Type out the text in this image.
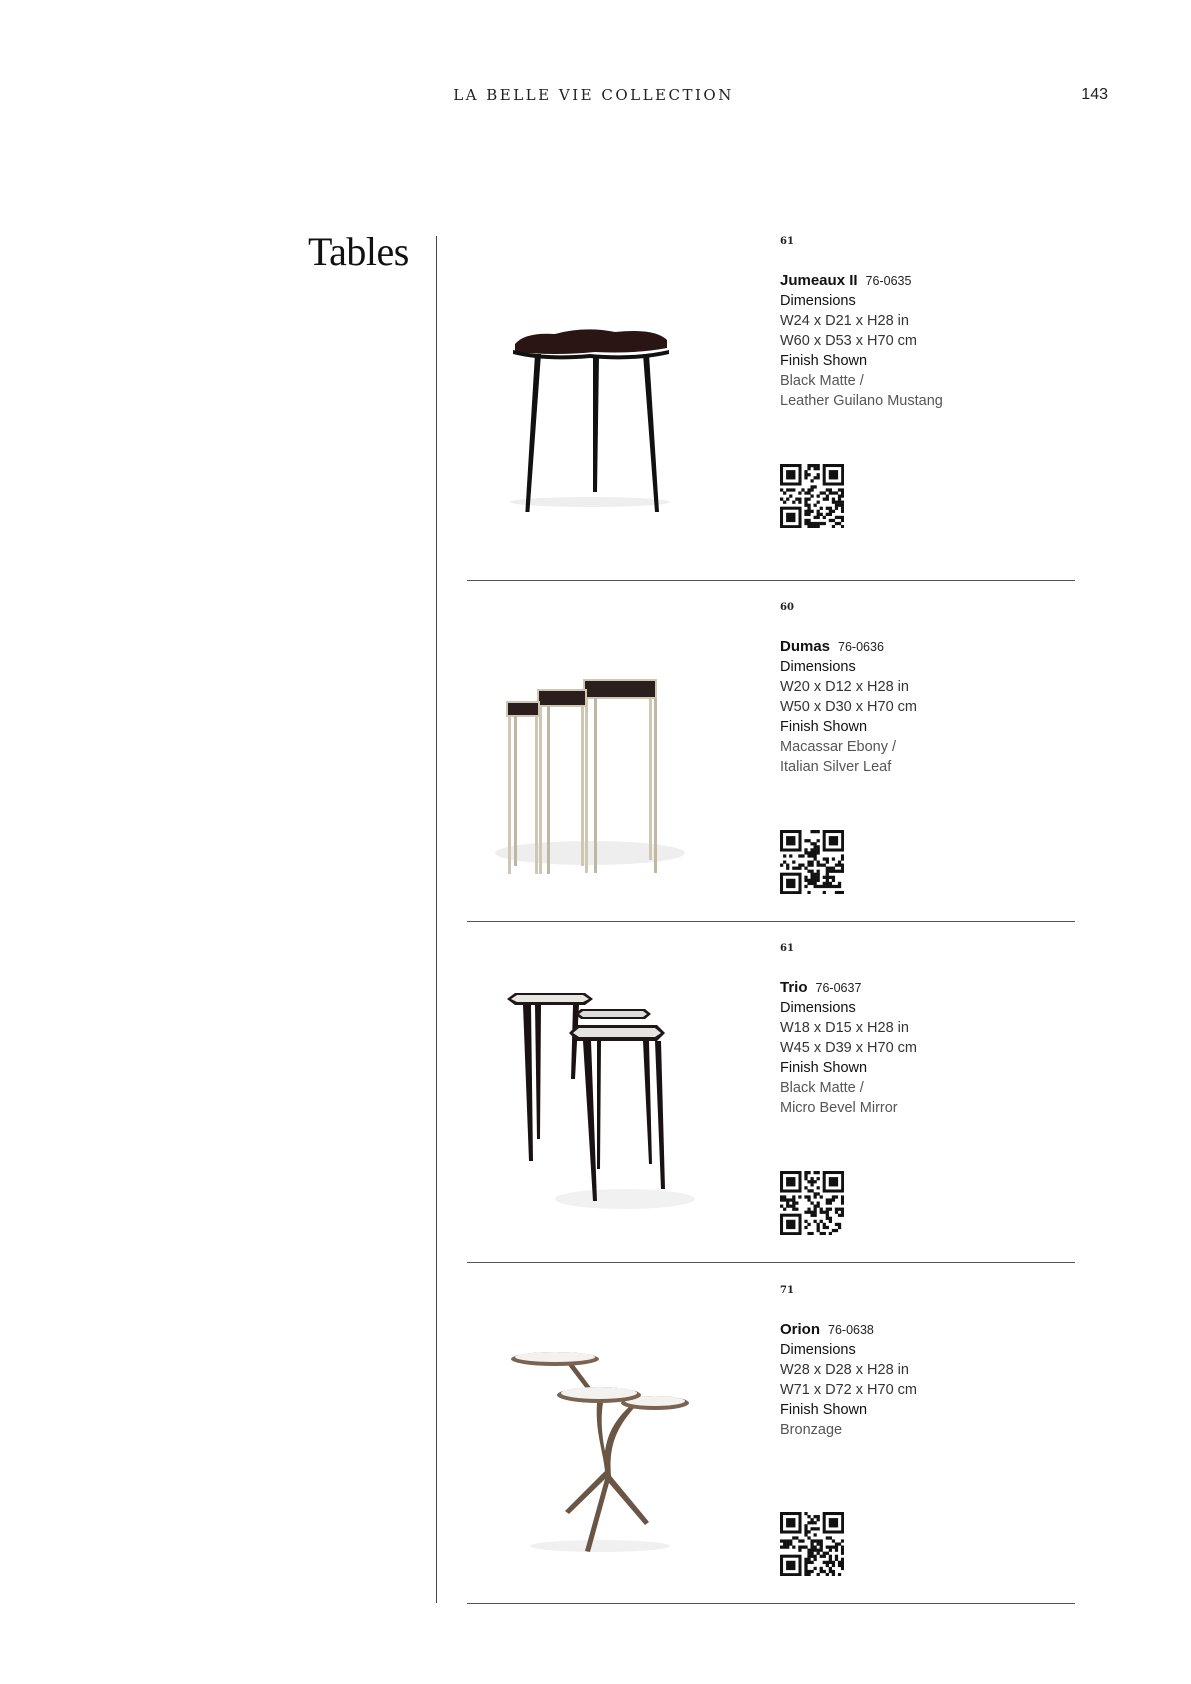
LA BELLE VIE COLLECTION	143
Tables	61
Jumeaux II 76-0635
Dimensions
W24 x D21 x H28 in
W60 x D53 x H70 cm
Finish Shown
Black Matte /
Leather Guilano Mustang
60
Dumas 76-0636
Dimensions
W20 x D12 x H28 in
W50 x D30 x H70 cm
Finish Shown
Macassar Ebony /
Italian Silver Leaf
61
Trio 76-0637
Dimensions
W18 x D15 x H28 in
W45 x D39 x H70 cm
Finish Shown
Black Matte /
Micro Bevel Mirror
71
Orion 76-0638
Dimensions
W28 x D28 x H28 in
W71 x D72 x H70 cm
Finish Shown
Bronzage
